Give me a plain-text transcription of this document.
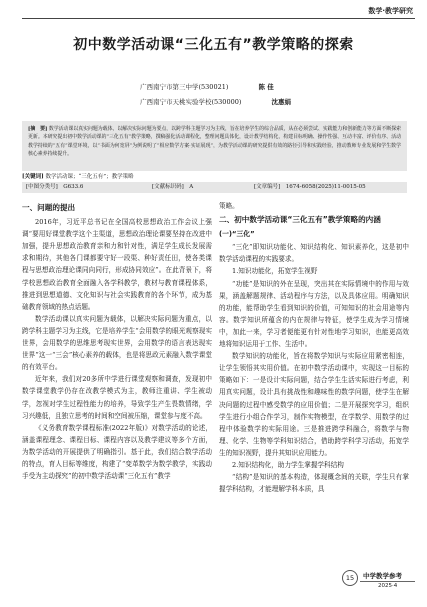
数学·教学研究
初中数学活动课“三化五有”教学策略的探索
广西南宁市第三中学(530021)	陈 佳
广西南宁市天桃实验学校(530000)	沈惠娟
[摘　要] 数学活动课以真实问题为载体，以解决实际问题为要点，以跨学科主题学习为主线，旨在培养学生的综合品质，从在必须尝试、实践能力和创新能力等方面不断探索更新。本研究提出初中数学活动课的“三化五有”教学策略，撰稿强化活动课程化，整理问题具体化，设计教学结构化，构建目标明确、操作性强、互动丰富、评价有序、活动教学持续的“五有”课堂环境，以“书面为何宽屏”为例说明了“相应数学方案·实证展现”，为教学活动课的研究提供有效的路径引导和实践经验，推动教师专业发展和学生数学核心素养持续提升。
[关键词] 数学活动课；“三化五有”；教学策略
[中图分类号]　G633.6	[文献标识码]　A	[文章编号]　1674-6058(2025)11-0015-05
一、问题的提出

2016年，习近平总书记在全国高校思想政治工作会议上强调“要用好课堂教学这个主渠道，思想政治理论课要坚持在改进中加强，提升思想政治教育亲和力和针对性，满足学生成长发展需求和期待，其他各门课都要守好一段渠、种好责任田，使各类课程与思想政治理论课同向同行，形成协同效应”。在此背景下，将学校思想政治教育全面融入各学科教学，教材与教育课程体系，推进到思想道德、文化知识与社会实践教育的各个环节，成为基础教育领域的热点话题。

数学活动课以真实问题为载体，以解决实际问题为重点，以跨学科主题学习为主线，它是培养学生“会用数学的眼光观察现实世界，会用数学的思维思考现实世界，会用数学的语言表达现实世界”这一“三会”核心素养的载体，也是将思政元素融入数学课堂的有效平台。

近年来，我们对20多所中学进行课堂观察和调查，发现初中数学课堂教学仍存在改教学模式为主，教师注重讲、学生被动学，忽视对学生过程性能力的培养，导致学生产生畏数情绪，学习兴趣低，且独立思考的时间和空间被压缩，课堂参与度不高。

《义务教育数学课程标准(2022年版)》对数学活动的论述，涵盖课程理念、课程目标、课程内容以及教学建议等多个方面，为数学活动的开展提供了明确指引。基于此，我们结合数学活动的特点，育人目标等维度，构建了“变革数学为数学教学，实践动手受为主动探究”的初中数学活动课“三化五有”教学

策略。

二、初中数学活动课“三化五有”教学策略的内涵
(一)“三化”

“三化”即知识功能化、知识结构化、知识素养化，这是初中数学活动课程的实践要求。

1.知识功能化，拓宽学生视野

“功能”是知识的外在呈现，突出其在实际情境中的作用与效果，涵盖解题规律、活动程序与方法，以及具体应用。明确知识的功能，能帮助学生看到知识的价值，可知知识的社会用途等内容。数学知识所蕴含的内在规律与特征，使学生成为学习情境中，加此一来，学习者便能更有针对性地学习知识，也能更高效地将知识运用于工作、生活中。

数学知识的功能化，旨在将数学知识与实际应用紧密相连，让学生领悟其实用价值。在初中数学活动课中，实现这一目标的策略如下：一是设计实际问题，结合学生生活实际进行考虑，利用真实问题，设计具有挑战性和趣味性的数学问题，使学生在解决问题的过程中感受数学的应用价值；二是开展探究学习，组织学生进行小组合作学习，制作实物模型，在学数学、用数学的过程中体验数学的实际用途。三是推进跨学科融合，将数学与物理、化学、生物等学科知识结合，借助跨学科学习活动，拓宽学生的知识视野，提升其知识应用能力。

2.知识结构化，助力学生掌握学科结构

“结构”是知识的基本构造，体现概念间的关联，学生只有掌握学科结构，才能理解学科本质，具

15	中学教学参考
2025·4
